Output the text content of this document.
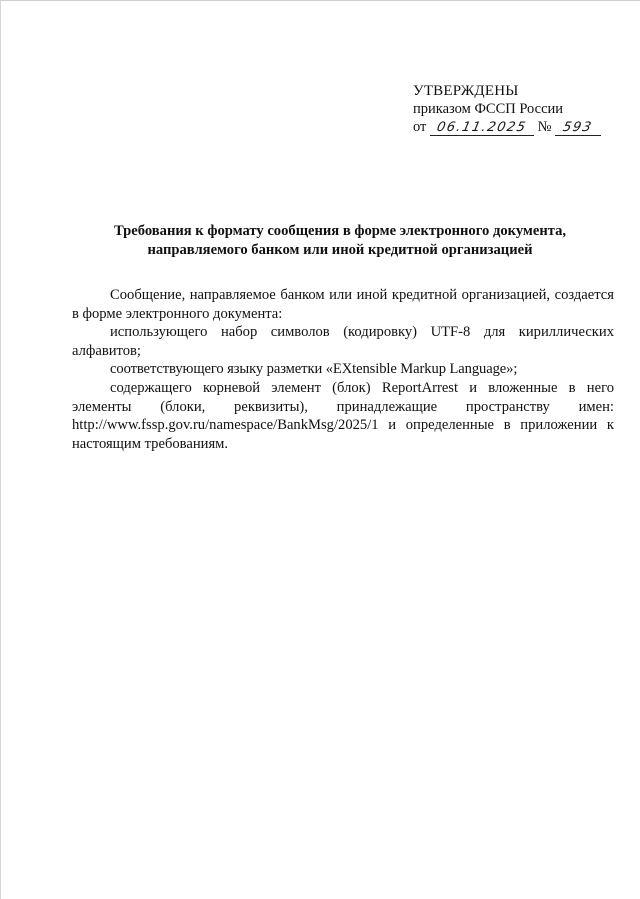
УТВЕРЖДЕНЫ
приказом ФССП России
от 06.11.2025 № 593
Требования к формату сообщения в форме электронного документа,
направляемого банком или иной кредитной организацией

Сообщение, направляемое банком или иной кредитной организацией, создается в форме электронного документа:

использующего набор символов (кодировку) UTF-8 для кириллических алфавитов;

соответствующего языку разметки «EXtensible Markup Language»;

содержащего корневой элемент (блок) ReportArrest и вложенные в него элементы (блоки, реквизиты), принадлежащие пространству имен: http://www.fssp.gov.ru/namespace/BankMsg/2025/1 и определенные в приложении к настоящим требованиям.
